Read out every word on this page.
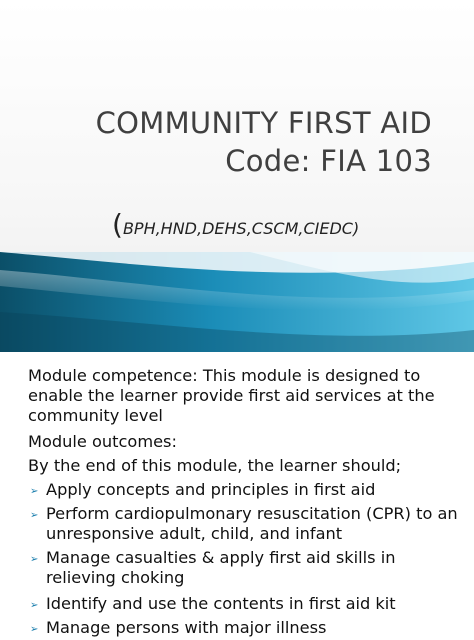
COMMUNITY FIRST AID
Code: FIA 103
(BPH,HND,DEHS,CSCM,CIEDC)
Module competence: This module is designed to enable the learner provide first aid services at the community level
Module outcomes:
By the end of this module, the learner should;
➢ Apply concepts and principles in first aid
➢ Perform cardiopulmonary resuscitation (CPR) to an unresponsive adult, child, and infant
➢ Manage casualties & apply first aid skills in relieving choking
➢ Identify and use the contents in first aid kit
➢ Manage persons with major illness
